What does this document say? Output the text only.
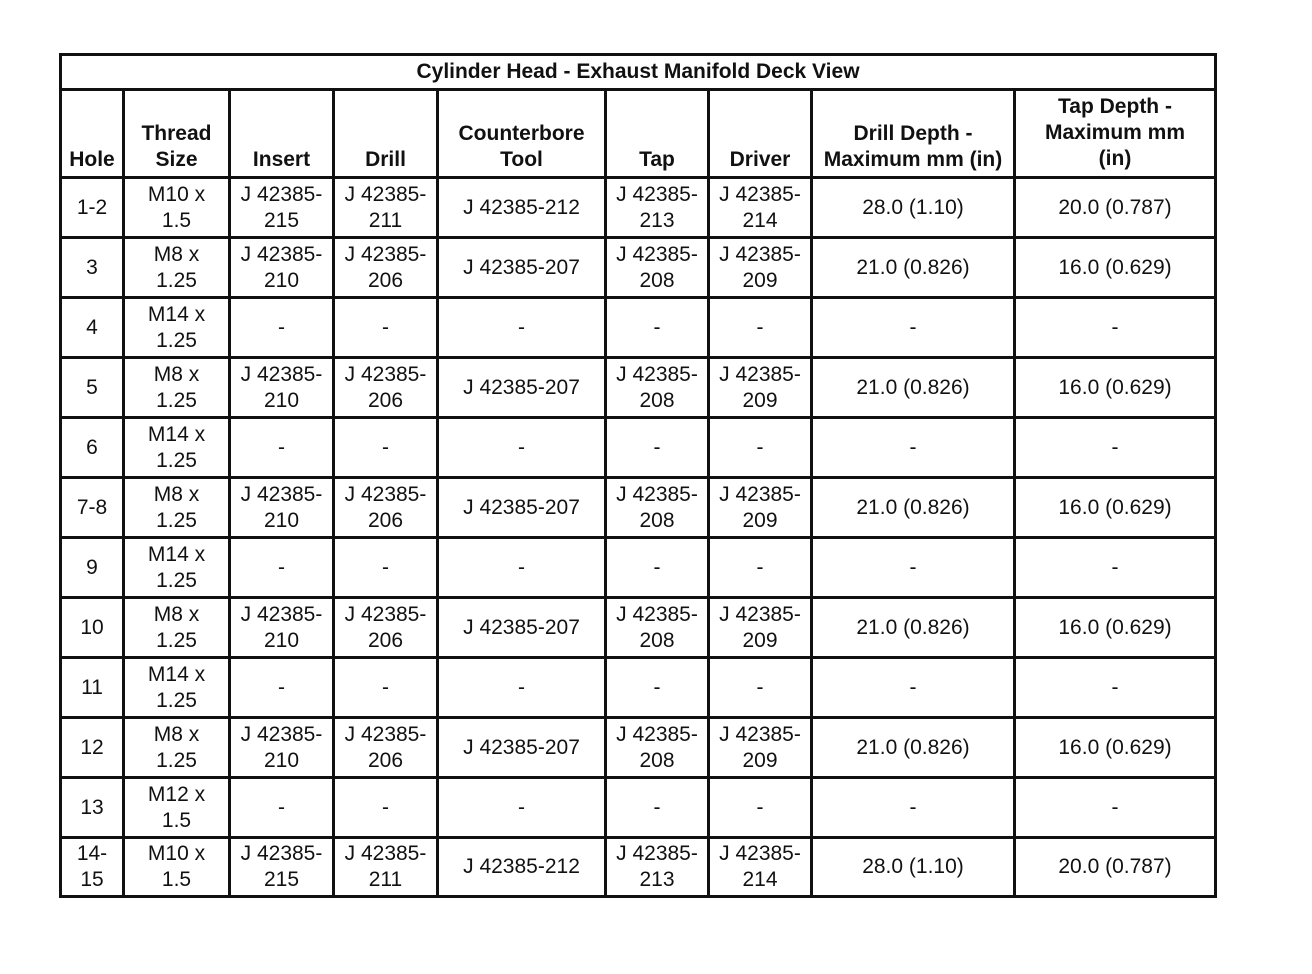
Cylinder Head - Exhaust Manifold Deck View								
Hole	Thread Size	Insert	Drill	Counterbore Tool	Tap	Driver	Drill Depth - Maximum mm (in)	Tap Depth - Maximum mm (in)

1-2	M10 x 1.5	J 42385-215	J 42385-211	J 42385-212	J 42385-213	J 42385-214	28.0 (1.10)	20.0 (0.787)

3	M8 x 1.25	J 42385-210	J 42385-206	J 42385-207	J 42385-208	J 42385-209	21.0 (0.826)	16.0 (0.629)

4	M14 x 1.25	-	-	-	-	-	-	-

5	M8 x 1.25	J 42385-210	J 42385-206	J 42385-207	J 42385-208	J 42385-209	21.0 (0.826)	16.0 (0.629)

6	M14 x 1.25	-	-	-	-	-	-	-

7-8	M8 x 1.25	J 42385-210	J 42385-206	J 42385-207	J 42385-208	J 42385-209	21.0 (0.826)	16.0 (0.629)

9	M14 x 1.25	-	-	-	-	-	-	-

10	M8 x 1.25	J 42385-210	J 42385-206	J 42385-207	J 42385-208	J 42385-209	21.0 (0.826)	16.0 (0.629)

11	M14 x 1.25	-	-	-	-	-	-	-

12	M8 x 1.25	J 42385-210	J 42385-206	J 42385-207	J 42385-208	J 42385-209	21.0 (0.826)	16.0 (0.629)

13	M12 x 1.5	-	-	-	-	-	-	-

14-15	M10 x 1.5	J 42385-215	J 42385-211	J 42385-212	J 42385-213	J 42385-214	28.0 (1.10)	20.0 (0.787)
